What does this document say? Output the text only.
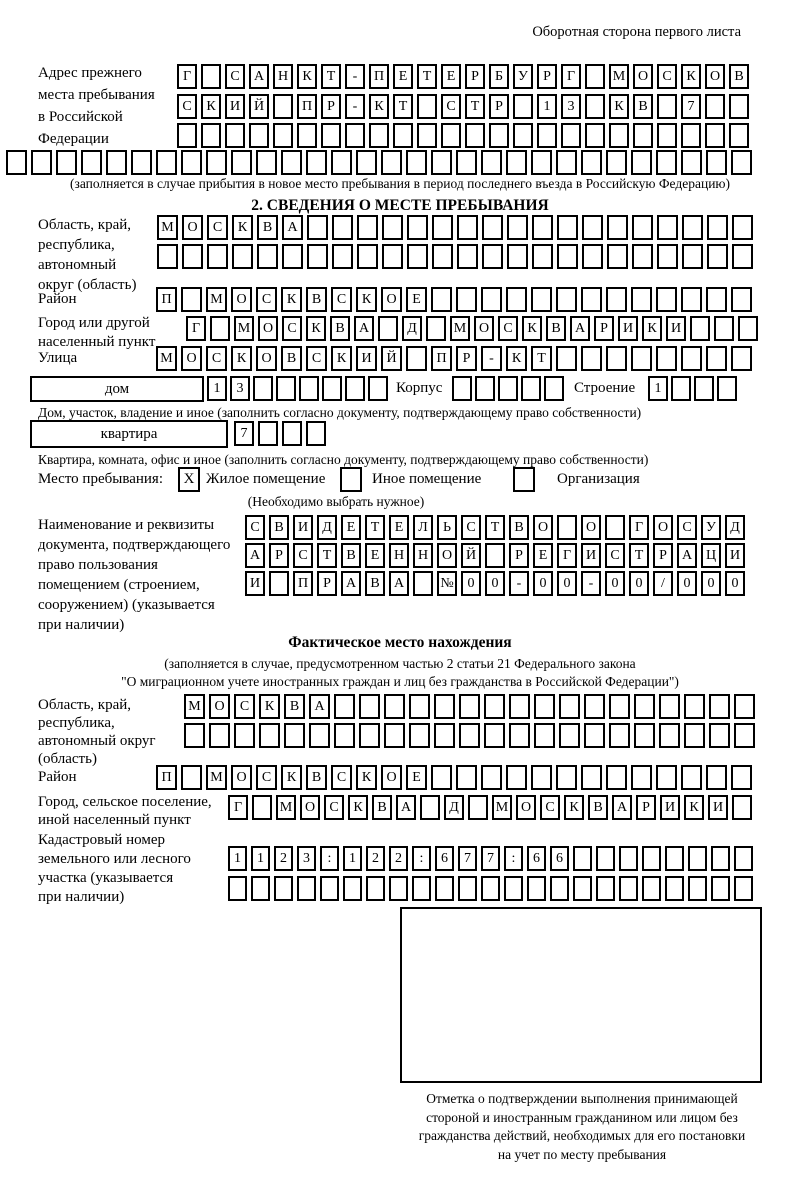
Оборотная сторона первого листа
Адрес прежнего
места пребывания
в Российской
Федерации
Г	С	А Н	К	Т	-	П	Е	Т	Е	Р	Б	У	Р	Г	М О	С	К	О	В
С	К	И Й	П	Р	-	К	Т	С	Т	Р	1	3	К	В	7
(заполняется в случае прибытия в новое место пребывания в период последнего въезда в Российскую Федерацию)
2. СВЕДЕНИЯ О МЕСТЕ ПРЕБЫВАНИЯ
Область, край,
республика,
автономный
округ (область)
М О	С	К	В	А
Район	П	М О	С	К	В	С	К	О	Е
Город или другой
населенный пункт
Г	М О	С	К	В	А	Д	М О	С	К	В	А	Р	И	К	И
Улица	М О	С	К	О	В	С	К	И	Й	П	Р	-	К	Т
дом	1	3	Корпус	Строение	1
Дом, участок, владение и иное (заполнить согласно документу, подтверждающему право собственности)
квартира	7
Квартира, комната, офис и иное (заполнить согласно документу, подтверждающему право собственности)
Место пребывания:	X Жилое помещение	Иное помещение	Организация
(Необходимо выбрать нужное)
Наименование и реквизиты
документа, подтверждающего
право пользования
помещением (строением,
сооружением) (указывается
при наличии)
С	В	И	Д	Е	Т	Е	Л	Ь	С	Т	В	О	О	Г	О	С	У	Д
А	Р	С	Т	В	Е	Н Н О Й	Р	Е	Г	И	С	Т	Р	А Ц И
И	П	Р	А	В	А	№ 0	0	-	0	0	-	0	0	/	0	0	0
Фактическое место нахождения
(заполняется в случае, предусмотренном частью 2 статьи 21 Федерального закона
"О миграционном учете иностранных граждан и лиц без гражданства в Российской Федерации")
Область, край,
республика,
автономный округ
(область)
М О	С	К	В	А
Район	П	М О	С	К	В	С	К	О	Е
Город, сельское поселение,
иной населенный пункт
Г	М О	С	К	В	А	Д	М О	С	К	В	А	Р	И	К	И
Кадастровый номер
земельного или лесного
участка (указывается
при наличии)
1	1	2	3	:	1	2	2	:	6	7	7	:	6	6
Отметка о подтверждении выполнения принимающей
стороной и иностранным гражданином или лицом без
гражданства действий, необходимых для его постановки
на учет по месту пребывания
